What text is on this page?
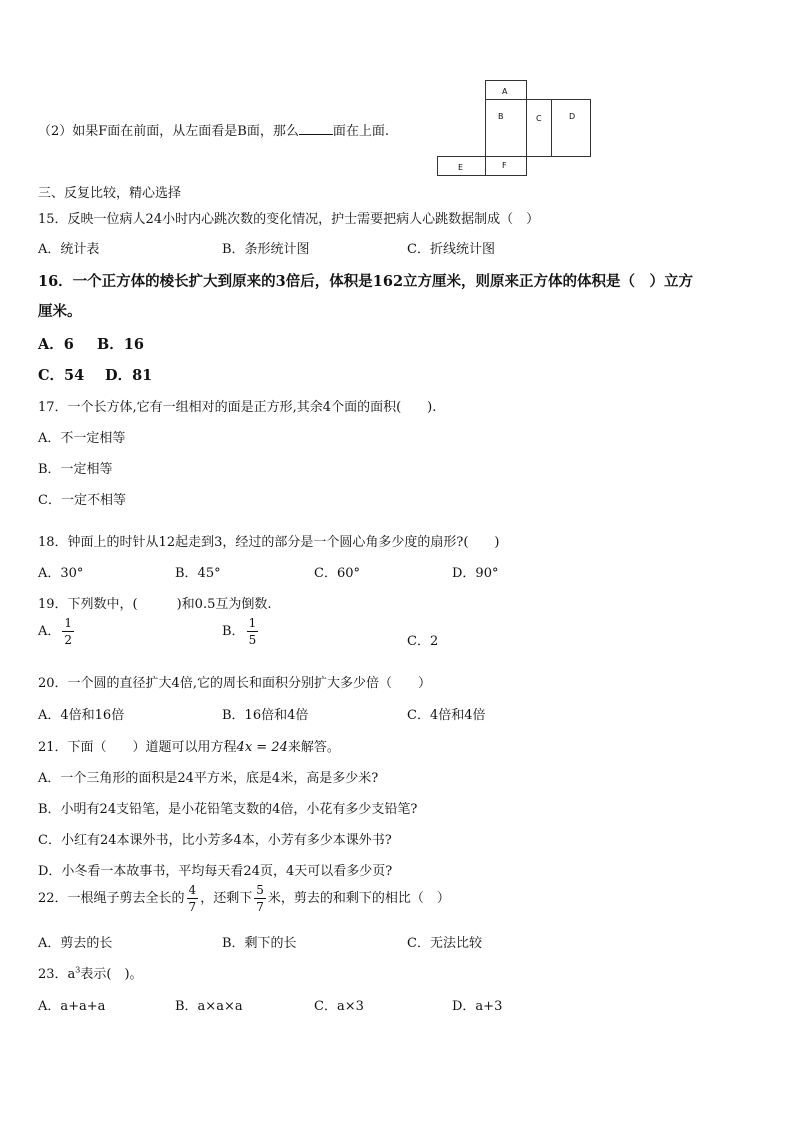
（2）如果F面在前面，从左面看是B面，那么	面在上面.
A
B	C	D
E	F
三、反复比较，精心选择
15．反映一位病人24小时内心跳次数的变化情况，护士需要把病人心跳数据制成（　）
A．统计表	B．条形统计图	C．折线统计图
16．一个正方体的棱长扩大到原来的3倍后，体积是162立方厘米，则原来正方体的体积是（　）立方
厘米。
A．6 B．16
C．54 D．81
17．一个长方体,它有一组相对的面是正方形,其余4个面的面积(　　).
A．不一定相等
B．一定相等
C．一定不相等
18．钟面上的时针从12起走到3，经过的部分是一个圆心角多少度的扇形?(　　)
A．30°	B．45°	C．60°	D．90°
19．下列数中，(　　　)和0.5互为倒数.
A． $\frac{1}{2}$	B． $\frac{1}{5}$	C．2
20．一个圆的直径扩大4倍,它的周长和面积分别扩大多少倍（　　）
A．4倍和16倍	B．16倍和4倍	C．4倍和4倍
21．下面（　　）道题可以用方程4x = 24来解答。
A．一个三角形的面积是24平方米，底是4米，高是多少米?
B．小明有24支铅笔，是小花铅笔支数的4倍，小花有多少支铅笔?
C．小红有24本课外书，比小芳多4本，小芳有多少本课外书?
D．小冬看一本故事书，平均每天看24页，4天可以看多少页?
22．一根绳子剪去全长的 $\frac{4}{7}$ ，还剩下 $\frac{5}{7}$ 米，剪去的和剩下的相比（　）
A．剪去的长	B．剩下的长	C．无法比较
23．$a^3$表示(　)。
A．a+a+a	B．a×a×a	C．a×3	D．a+3
